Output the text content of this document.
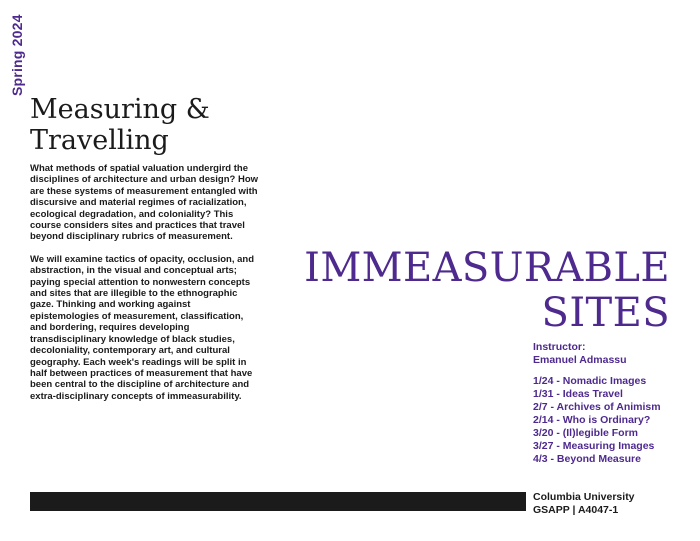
Spring 2024
Measuring &
Travelling

What methods of spatial valuation undergird the disciplines of architecture and urban design? How are these systems of measurement entangled with discursive and material regimes of racialization, ecological degradation, and coloniality? This course considers sites and practices that travel beyond disciplinary rubrics of measurement.

We will examine tactics of opacity, occlusion, and abstraction, in the visual and conceptual arts; paying special attention to nonwestern concepts and sites that are illegible to the ethnographic gaze. Thinking and working against epistemologies of measurement, classification, and bordering, requires developing transdisciplinary knowledge of black studies, decoloniality, contemporary art, and cultural geography. Each week's readings will be split in half between practices of measurement that have been central to the discipline of architecture and extra-disciplinary concepts of immeasurability.

IMMEASURABLE
SITES
Instructor:
Emanuel Admassu
1/24 - Nomadic Images
1/31 - Ideas Travel
2/7 - Archives of Animism
2/14 - Who is Ordinary?
3/20 - (Il)legible Form
3/27 - Measuring Images
4/3 - Beyond Measure
Columbia University
GSAPP | A4047-1
